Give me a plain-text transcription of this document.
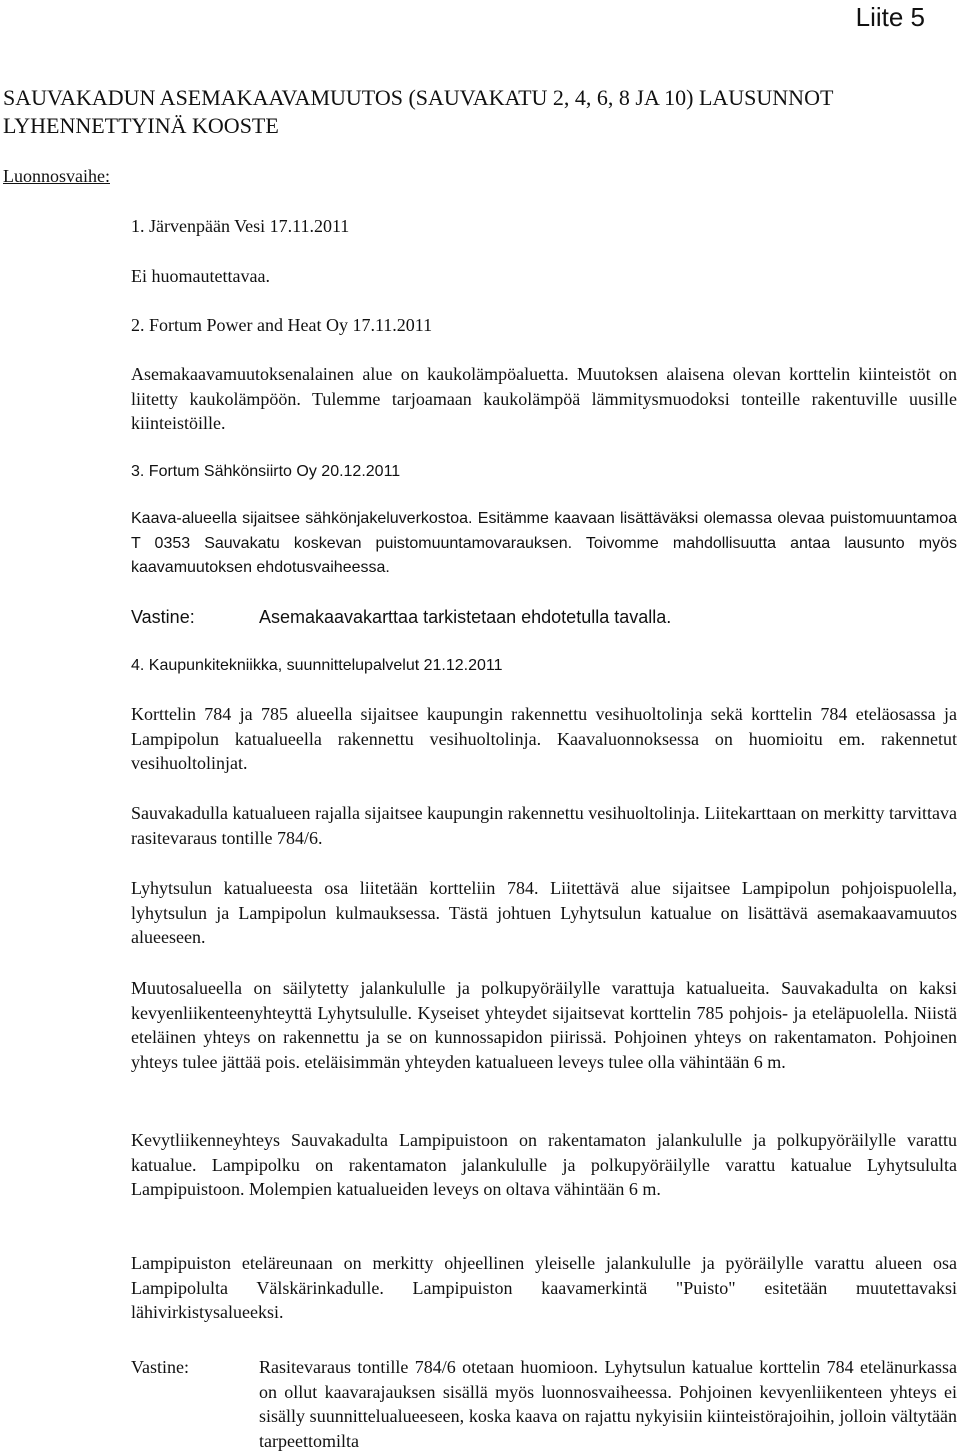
Liite 5
SAUVAKADUN ASEMAKAAVAMUUTOS (SAUVAKATU 2, 4, 6, 8 JA 10) LAUSUNNOT LYHENNETTYINÄ KOOSTE
Luonnosvaihe:
1. Järvenpään Vesi 17.11.2011
Ei huomautettavaa.
2. Fortum Power and Heat Oy 17.11.2011
Asemakaavamuutoksenalainen alue on kaukolämpöaluetta. Muutoksen alaisena olevan korttelin kiinteistöt on liitetty kaukolämpöön. Tulemme tarjoamaan kaukolämpöä lämmitysmuodoksi tonteille rakentuville uusille kiinteistöille.
3. Fortum Sähkönsiirto Oy 20.12.2011
Kaava-alueella sijaitsee sähkönjakeluverkostoa. Esitämme kaavaan lisättäväksi olemassa olevaa puistomuuntamoa T 0353 Sauvakatu koskevan puistomuuntamovarauksen. Toivomme mahdollisuutta antaa lausunto myös kaavamuutoksen ehdotusvaiheessa.
Vastine:	Asemakaavakarttaa tarkistetaan ehdotetulla tavalla.
4. Kaupunkitekniikka, suunnittelupalvelut 21.12.2011
Korttelin 784 ja 785 alueella sijaitsee kaupungin rakennettu vesihuoltolinja sekä korttelin 784 eteläosassa ja Lampipolun katualueella rakennettu vesihuoltolinja. Kaavaluonnoksessa on huomioitu em. rakennetut vesihuoltolinjat.
Sauvakadulla katualueen rajalla sijaitsee kaupungin rakennettu vesihuoltolinja. Liitekarttaan on merkitty tarvittava rasitevaraus tontille 784/6.
Lyhytsulun katualueesta osa liitetään kortteliin 784. Liitettävä alue sijaitsee Lampipolun pohjoispuolella, lyhytsulun ja Lampipolun kulmauksessa. Tästä johtuen Lyhytsulun katualue on lisättävä asemakaavamuutos alueeseen.
Muutosalueella on säilytetty jalankululle ja polkupyöräilylle varattuja katualueita. Sauvakadulta on kaksi kevyenliikenteenyhteyttä Lyhytsululle. Kyseiset yhteydet sijaitsevat korttelin 785 pohjois- ja eteläpuolella. Niistä eteläinen yhteys on rakennettu ja se on kunnossapidon piirissä. Pohjoinen yhteys on rakentamaton. Pohjoinen yhteys tulee jättää pois. eteläisimmän yhteyden katualueen leveys tulee olla vähintään 6 m.
Kevytliikenneyhteys Sauvakadulta Lampipuistoon on rakentamaton jalankululle ja polkupyöräilylle varattu katualue. Lampipolku on rakentamaton jalankululle ja polkupyöräilylle varattu katualue Lyhytsululta Lampipuistoon. Molempien katualueiden leveys on oltava vähintään 6 m.
Lampipuiston eteläreunaan on merkitty ohjeellinen yleiselle jalankululle ja pyöräilylle varattu alueen osa Lampipolulta Välskärinkadulle. Lampipuiston kaavamerkintä "Puisto" esitetään muutettavaksi lähivirkistysalueeksi.
Vastine:	Rasitevaraus tontille 784/6 otetaan huomioon. Lyhytsulun katualue korttelin 784 etelänurkassa on ollut kaavarajauksen sisällä myös luonnosvaiheessa. Pohjoinen kevyenliikenteen yhteys ei sisälly suunnittelualueeseen, koska kaava on rajattu nykyisiin kiinteistörajoihin, jolloin vältytään tarpeettomilta
